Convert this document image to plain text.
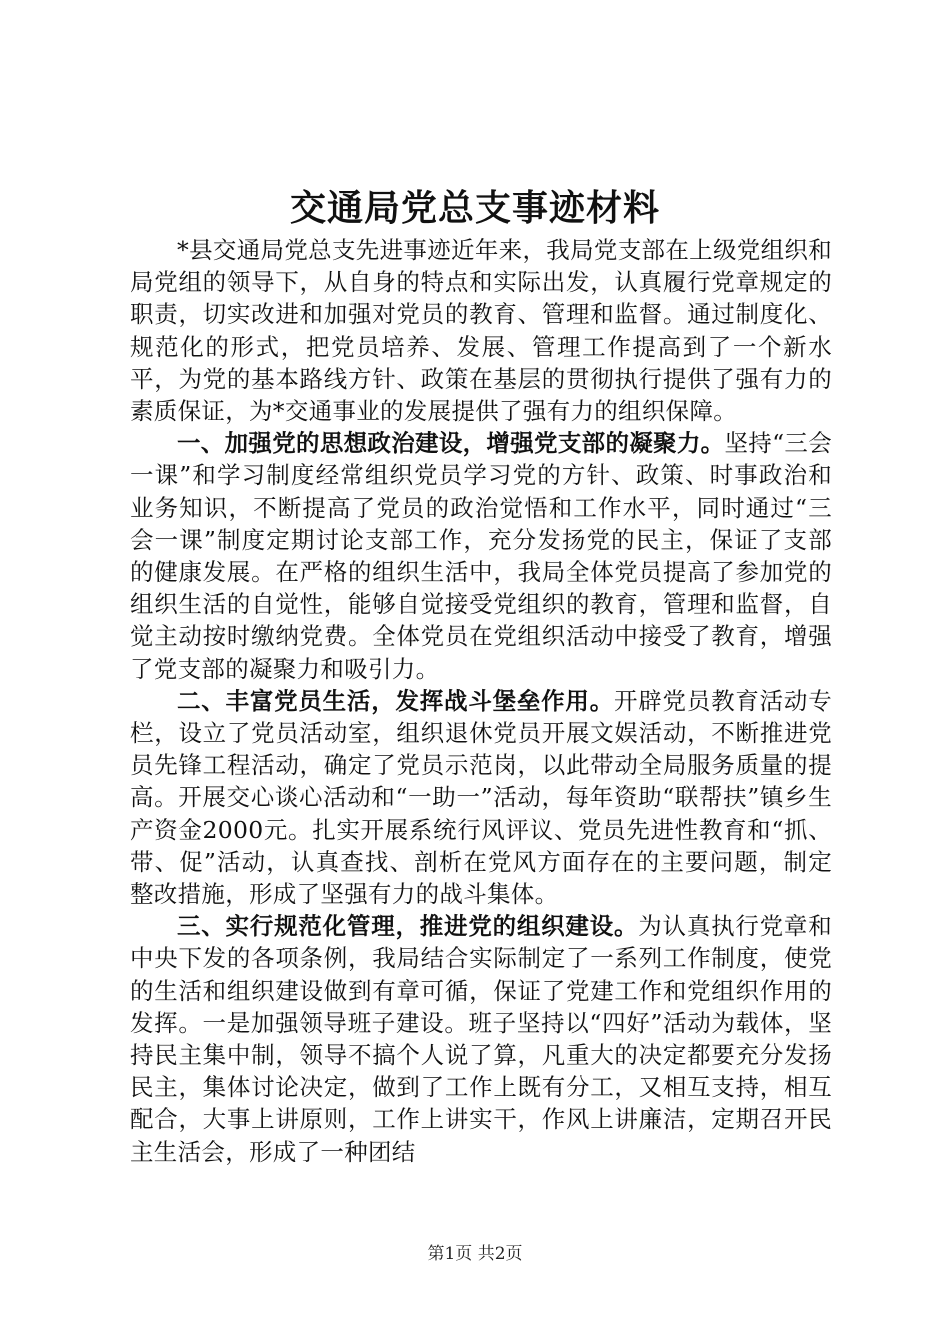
交通局党总支事迹材料

*县交通局党总支先进事迹近年来，我局党支部在上级党组织和局党组的领导下，从自身的特点和实际出发，认真履行党章规定的职责，切实改进和加强对党员的教育、管理和监督。通过制度化、规范化的形式，把党员培养、发展、管理工作提高到了一个新水平，为党的基本路线方针、政策在基层的贯彻执行提供了强有力的素质保证，为*交通事业的发展提供了强有力的组织保障。

一、加强党的思想政治建设，增强党支部的凝聚力。坚持“三会一课”和学习制度经常组织党员学习党的方针、政策、时事政治和业务知识，不断提高了党员的政治觉悟和工作水平，同时通过“三会一课”制度定期讨论支部工作，充分发扬党的民主，保证了支部的健康发展。在严格的组织生活中，我局全体党员提高了参加党的组织生活的自觉性，能够自觉接受党组织的教育，管理和监督，自觉主动按时缴纳党费。全体党员在党组织活动中接受了教育，增强了党支部的凝聚力和吸引力。

二、丰富党员生活，发挥战斗堡垒作用。开辟党员教育活动专栏，设立了党员活动室，组织退休党员开展文娱活动，不断推进党员先锋工程活动，确定了党员示范岗，以此带动全局服务质量的提高。开展交心谈心活动和“一助一”活动，每年资助“联帮扶”镇乡生产资金2000元。扎实开展系统行风评议、党员先进性教育和“抓、带、促”活动，认真查找、剖析在党风方面存在的主要问题，制定整改措施，形成了坚强有力的战斗集体。

三、实行规范化管理，推进党的组织建设。为认真执行党章和中央下发的各项条例，我局结合实际制定了一系列工作制度，使党的生活和组织建设做到有章可循，保证了党建工作和党组织作用的发挥。一是加强领导班子建设。班子坚持以“四好”活动为载体，坚持民主集中制，领导不搞个人说了算，凡重大的决定都要充分发扬民主，集体讨论决定，做到了工作上既有分工，又相互支持，相互配合，大事上讲原则，工作上讲实干，作风上讲廉洁，定期召开民主生活会，形成了一种团结

第1页 共2页
